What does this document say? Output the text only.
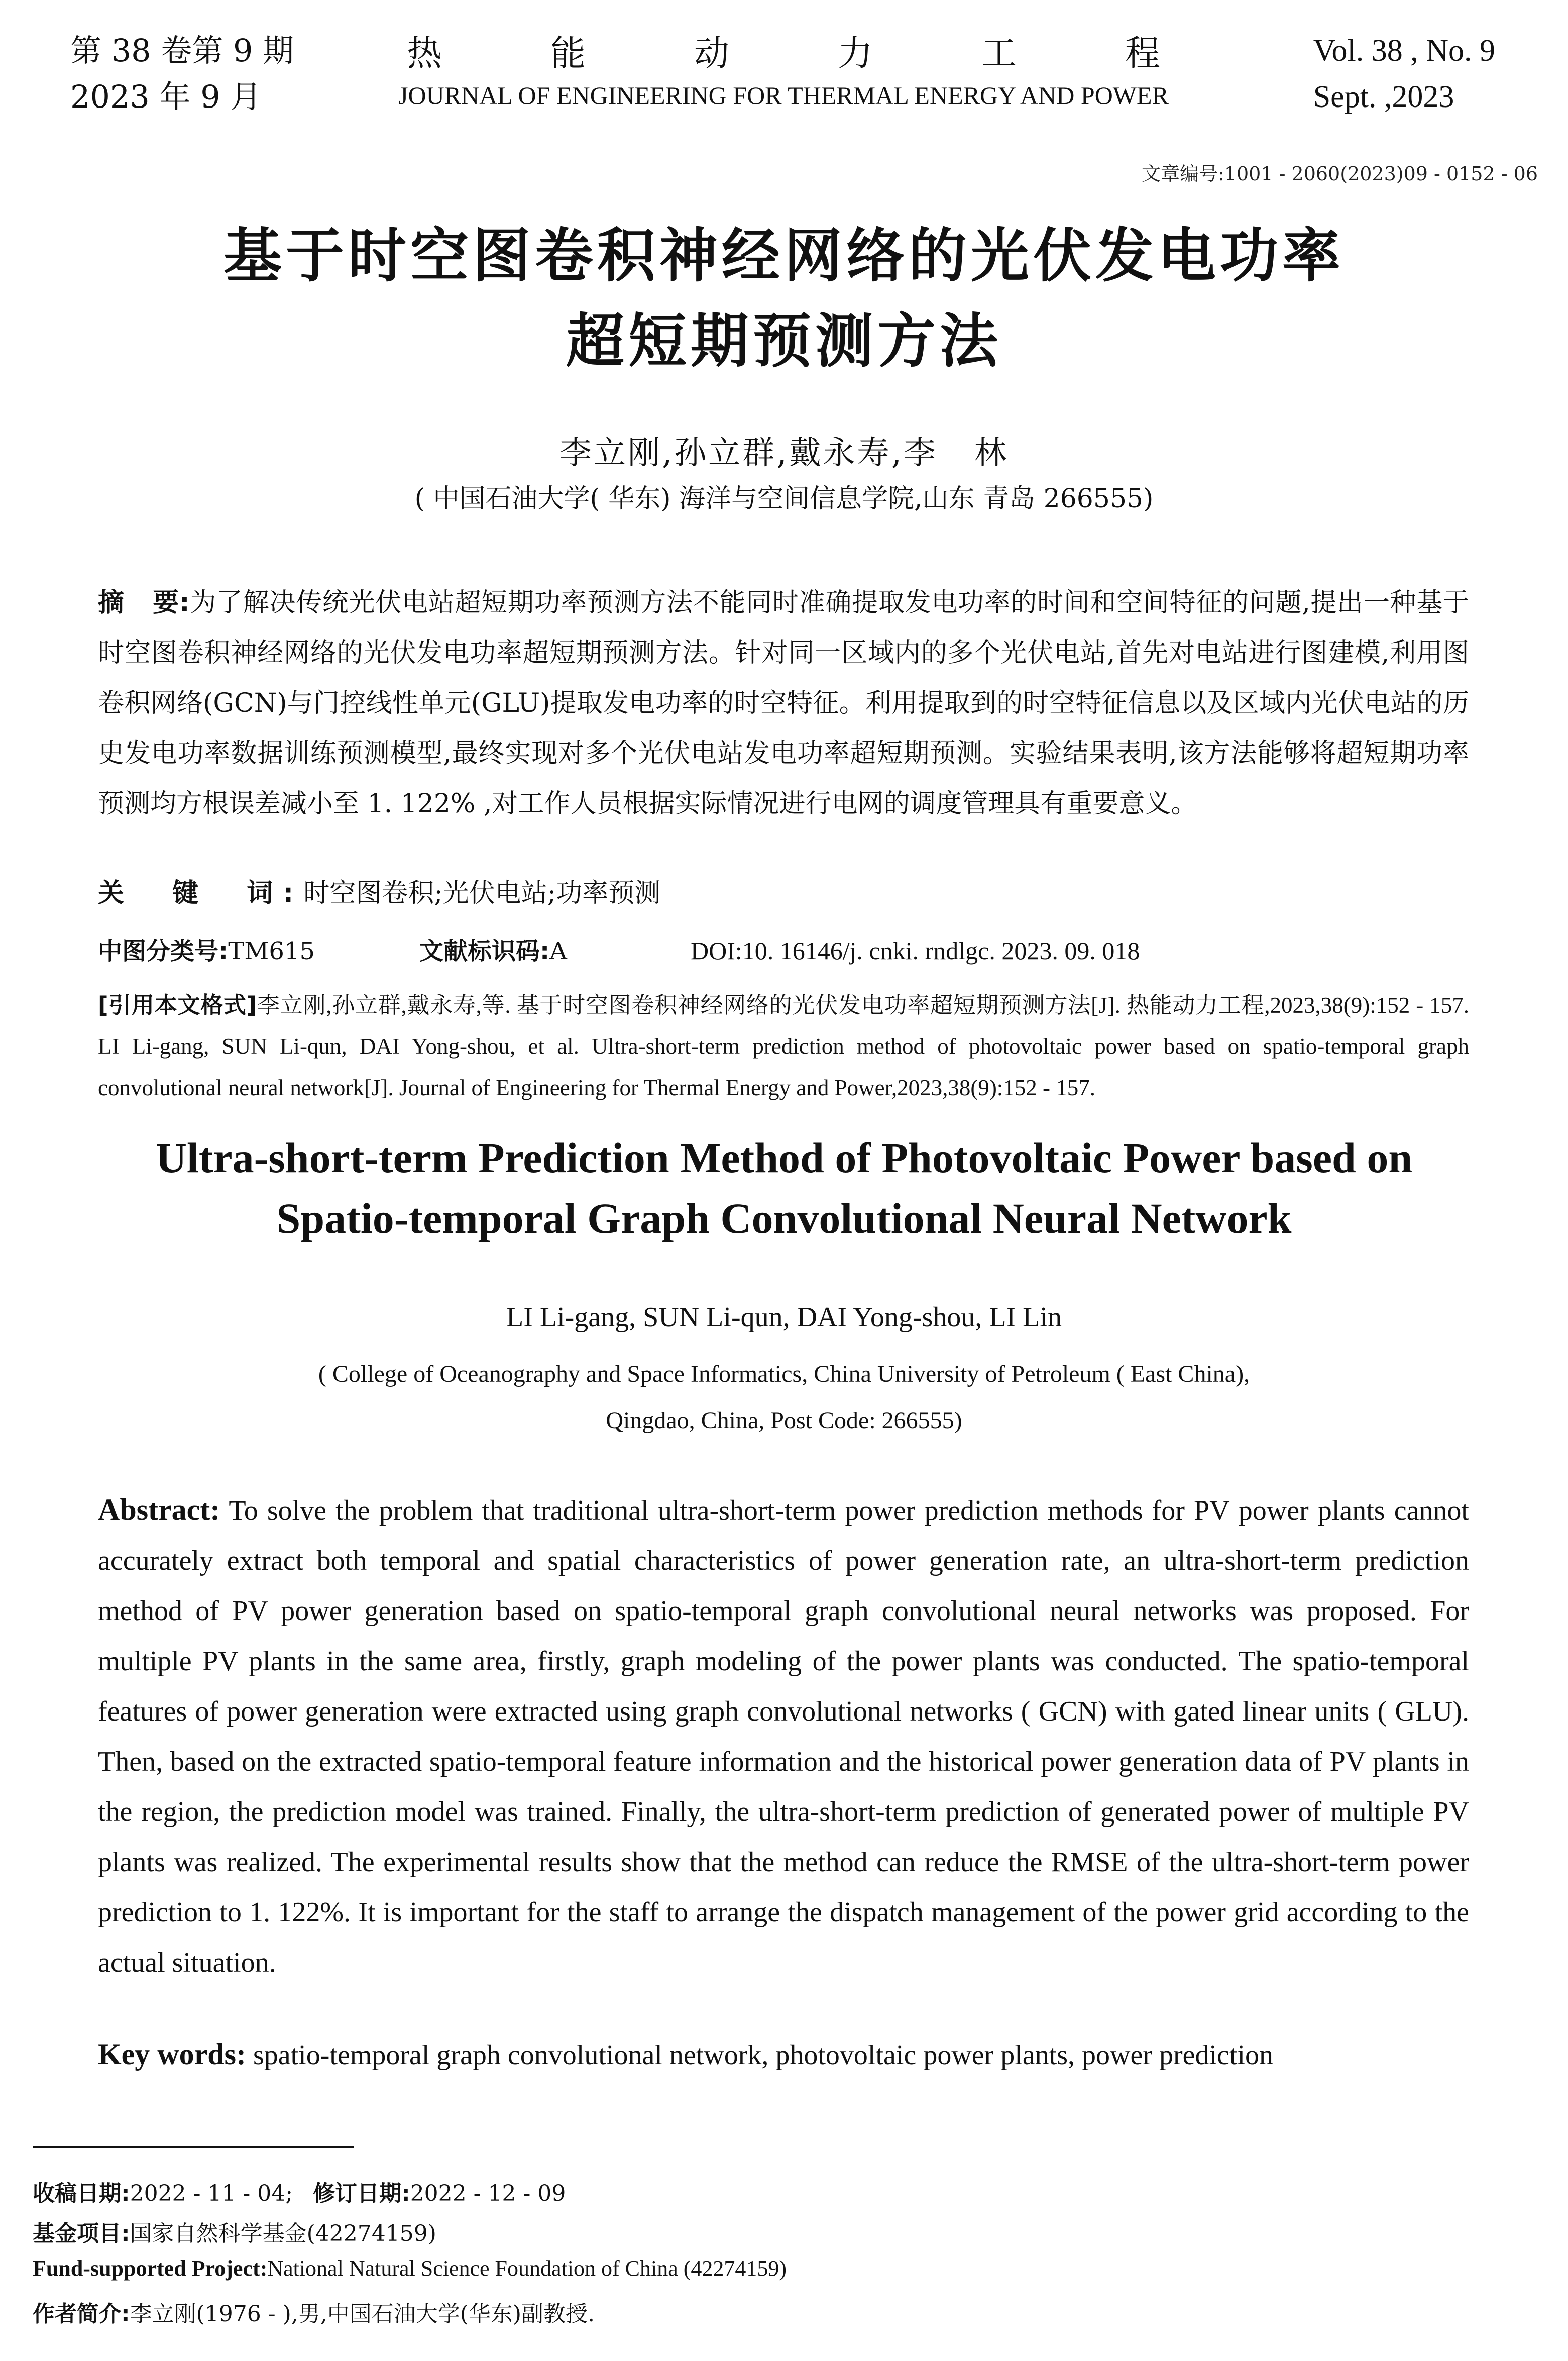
第 38 卷第 9 期
2023 年 9 月
热	能	动	力	工	程
JOURNAL OF ENGINEERING FOR THERMAL ENERGY AND POWER
Vol. 38 , No. 9
Sept. ,2023
文章编号:1001 - 2060(2023)09 - 0152 - 06
基于时空图卷积神经网络的光伏发电功率
超短期预测方法
李立刚,孙立群,戴永寿,李   林
( 中国石油大学( 华东) 海洋与空间信息学院,山东 青岛 266555)
摘   要:为了解决传统光伏电站超短期功率预测方法不能同时准确提取发电功率的时间和空间特征的问题,提出一种基于时空图卷积神经网络的光伏发电功率超短期预测方法。针对同一区域内的多个光伏电站,首先对电站进行图建模,利用图卷积网络(GCN)与门控线性单元(GLU)提取发电功率的时空特征。利用提取到的时空特征信息以及区域内光伏电站的历史发电功率数据训练预测模型,最终实现对多个光伏电站发电功率超短期预测。实验结果表明,该方法能够将超短期功率预测均方根误差减小至 1. 122% ,对工作人员根据实际情况进行电网的调度管理具有重要意义。
关  键  词:时空图卷积;光伏电站;功率预测
中图分类号:TM615	文献标识码:A	DOI:10. 16146/j. cnki. rndlgc. 2023. 09. 018
[引用本文格式]李立刚,孙立群,戴永寿,等. 基于时空图卷积神经网络的光伏发电功率超短期预测方法[J]. 热能动力工程,2023,38(9):152 - 157. LI Li-gang, SUN Li-qun, DAI Yong-shou, et al. Ultra-short-term prediction method of photovoltaic power based on spatio-temporal graph convolutional neural network[J]. Journal of Engineering for Thermal Energy and Power,2023,38(9):152 - 157.
Ultra-short-term Prediction Method of Photovoltaic Power based on
Spatio-temporal Graph Convolutional Neural Network
LI Li-gang, SUN Li-qun, DAI Yong-shou, LI Lin
( College of Oceanography and Space Informatics, China University of Petroleum ( East China),
Qingdao, China, Post Code: 266555)
Abstract: To solve the problem that traditional ultra-short-term power prediction methods for PV power plants cannot accurately extract both temporal and spatial characteristics of power generation rate, an ultra-short-term prediction method of PV power generation based on spatio-temporal graph convolutional neural networks was proposed. For multiple PV plants in the same area, firstly, graph modeling of the power plants was conducted. The spatio-temporal features of power generation were extracted using graph convolutional networks ( GCN) with gated linear units ( GLU). Then, based on the extracted spatio-temporal feature information and the historical power generation data of PV plants in the region, the prediction model was trained. Finally, the ultra-short-term prediction of generated power of multiple PV plants was realized. The experimental results show that the method can reduce the RMSE of the ultra-short-term power prediction to 1. 122%. It is important for the staff to arrange the dispatch management of the power grid according to the actual situation.
Key words: spatio-temporal graph convolutional network, photovoltaic power plants, power prediction
收稿日期:2022 - 11 - 04; 修订日期:2022 - 12 - 09
基金项目:国家自然科学基金(42274159)
Fund-supported Project:National Natural Science Foundation of China (42274159)
作者简介:李立刚(1976 - ),男,中国石油大学(华东)副教授.
